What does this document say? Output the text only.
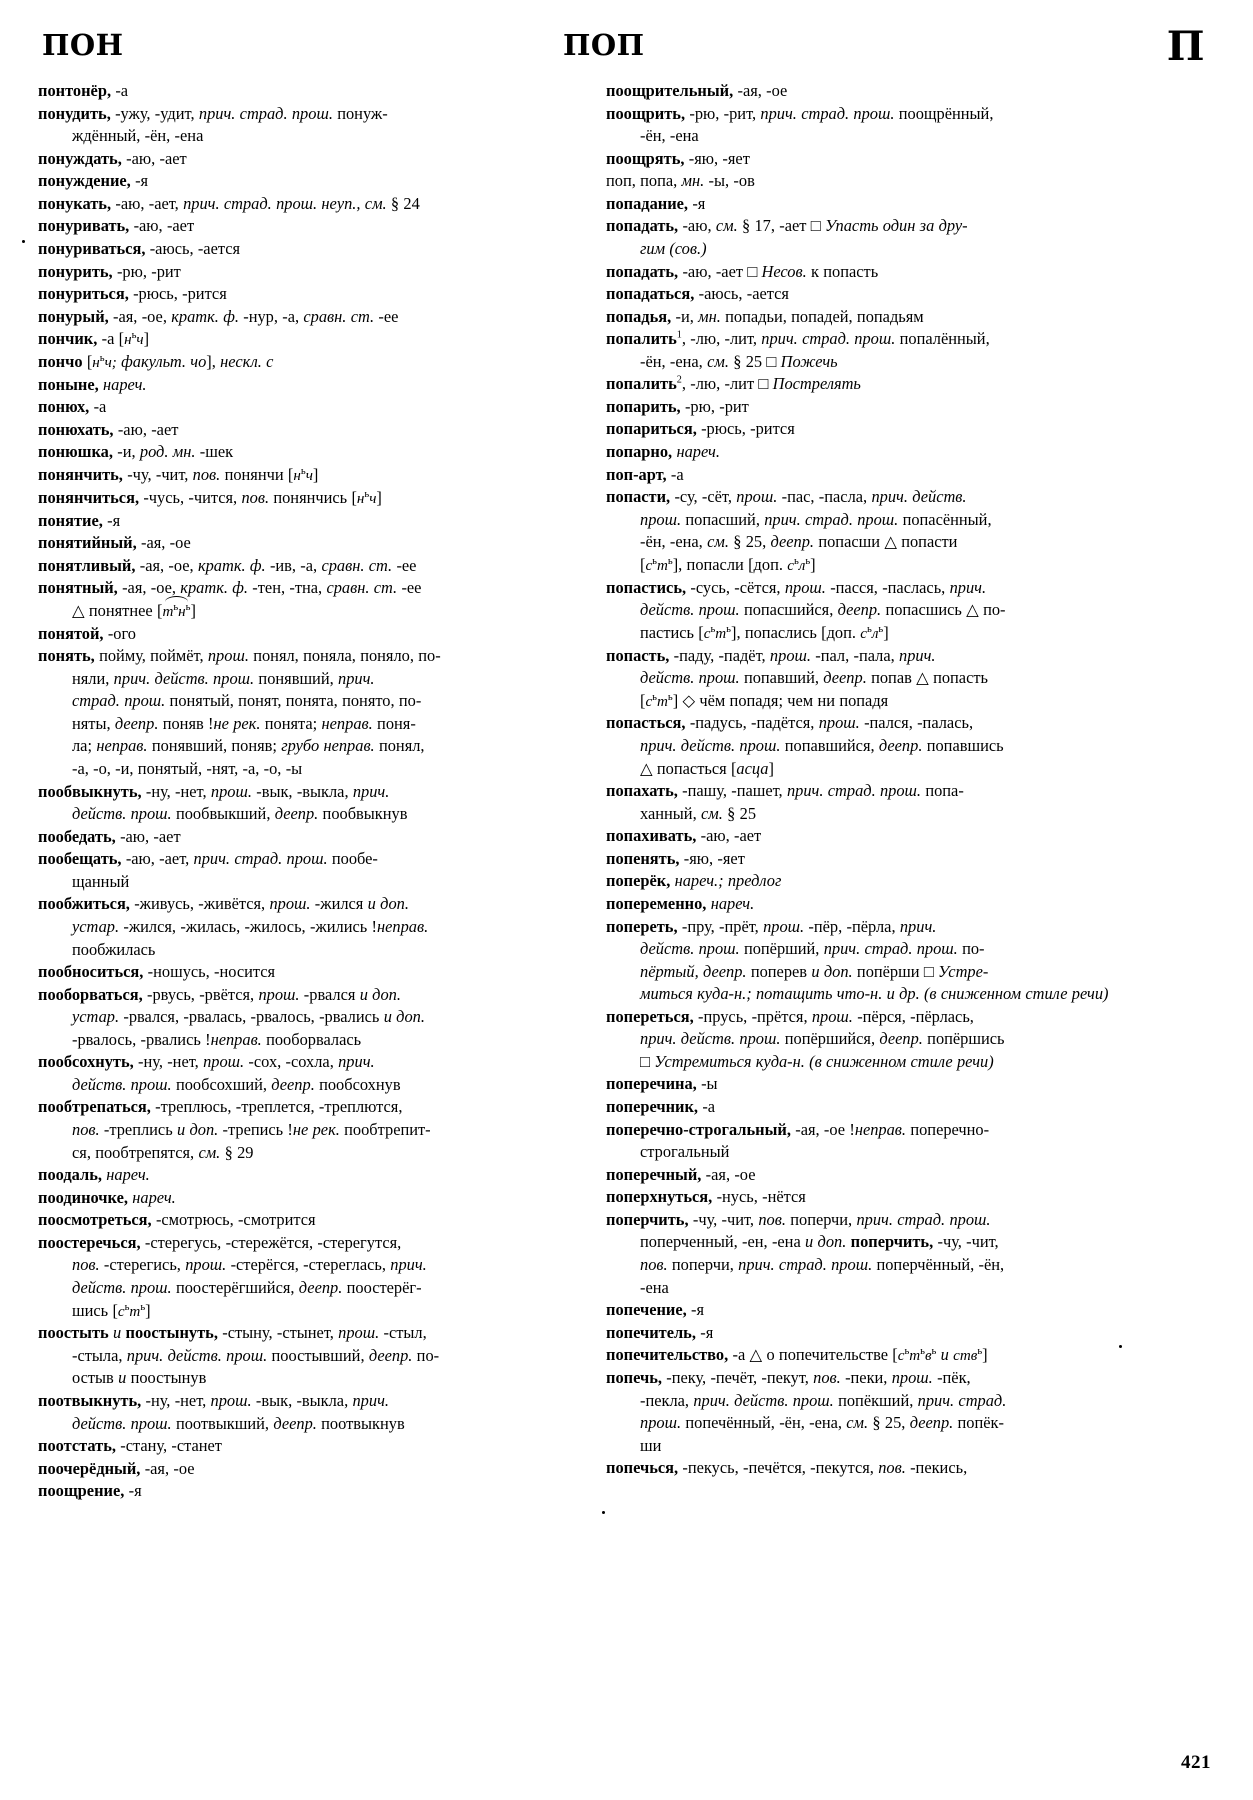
ПОН	ПОП	П

понтонёр, -а

понудить, -ужу, -удит, прич. страд. прош. понуж-

ждённый, -ён, -ена

понуждать, -аю, -ает

понуждение, -я

понукать, -аю, -ает, прич. страд. прош. неуп., см. § 24

понуривать, -аю, -ает

понуриваться, -аюсь, -ается

понурить, -рю, -рит

понуриться, -рюсь, -рится

понурый, -ая, -ое, кратк. ф. -нур, -а, сравн. ст. -ее

пончик, -а $[н^ьч]$

пончо [$н^ьч$; факульт. чо], нескл. с

поныне, нареч.

понюх, -а

понюхать, -аю, -ает

понюшка, -и, род. мн. -шек

понянчить, -чу, -чит, пов. понянчи $[н^ьч]$

понянчиться, -чусь, -чится, пов. понянчись $[н^ьч]$

понятие, -я

понятийный, -ая, -ое

понятливый, -ая, -ое, кратк. ф. -ив, -а, сравн. ст. -ее

понятный, -ая, -ое, кратк. ф. -тен, -тна, сравн. ст. -ее

△ понятнее $[т^ьн^ь]$

понятой, -ого

понять, пойму, поймёт, прош. понял, поняла, поняло, по-

няли, прич. действ. прош. понявший, прич.

страд. прош. понятый, понят, понята, понято, по-

няты, деепр. поняв !не рек. понята; неправ. поня-

ла; неправ. понявший, поняв; грубо неправ. понял,

-а, -о, -и, понятый, -нят, -а, -о, -ы

пообвыкнуть, -ну, -нет, прош. -вык, -выкла, прич.

действ. прош. пообвыкший, деепр. пообвыкнув

пообедать, -аю, -ает

пообещать, -аю, -ает, прич. страд. прош. пообе-

щанный

пообжиться, -живусь, -живётся, прош. -жился и доп.

устар. -жился, -жилась, -жилось, -жились !неправ.

пообжилась

пообноситься, -ношусь, -носится

пооборваться, -рвусь, -рвётся, прош. -рвался и доп.

устар. -рвался, -рвалась, -рвалось, -рвались и доп.

-рвалось, -рвались !неправ. пооборвалась

пообсохнуть, -ну, -нет, прош. -сох, -сохла, прич.

действ. прош. пообсохший, деепр. пообсохнув

пообтрепаться, -треплюсь, -треплется, -треплются,

пов. -треплись и доп. -трепись !не рек. пообтрепит-

ся, пообтрепятся, см. § 29

поодаль, нареч.

поодиночке, нареч.

поосмотреться, -смотрюсь, -смотрится

поостеречься, -стерегусь, -стережётся, -стерегутся,

пов. -стерегись, прош. -стерёгся, -стереглась, прич.

действ. прош. поостерёгшийся, деепр. поостерёг-

шись $[с^ьт^ь]$

поостыть и поостынуть, -стыну, -стынет, прош. -стыл,

-стыла, прич. действ. прош. поостывший, деепр. по-

остыв и поостынув

поотвыкнуть, -ну, -нет, прош. -вык, -выкла, прич.

действ. прош. поотвыкший, деепр. поотвыкнув

поотстать, -стану, -станет

поочерёдный, -ая, -ое

поощрение, -я

поощрительный, -ая, -ое

поощрить, -рю, -рит, прич. страд. прош. поощрённый,

-ён, -ена

поощрять, -яю, -яет

поп, попа, мн. -ы, -ов

попадание, -я

попадать, -аю, см. § 17, -ает □ Упасть один за дру-

гим (сов.)

попадать, -аю, -ает □ Несов. к попасть

попадаться, -аюсь, -ается

попадья, -и, мн. попадьи, попадей, попадьям

попалить$^1$, -лю, -лит, прич. страд. прош. попалённый,

-ён, -ена, см. § 25 □ Пожечь

попалить$^2$, -лю, -лит □ Пострелять

попарить, -рю, -рит

попариться, -рюсь, -рится

попарно, нареч.

поп-арт, -а

попасти, -су, -сёт, прош. -пас, -пасла, прич. действ.

прош. попасший, прич. страд. прош. попасённый,

-ён, -ена, см. § 25, деепр. попасши △ попасти

$[с^ьт^ь]$, попасли [доп. $с^ьл^ь$]

попастись, -сусь, -сётся, прош. -пасся, -паслась, прич.

действ. прош. попасшийся, деепр. попасшись △ по-

пастись $[с^ьт^ь]$, попаслись [доп. $с^ьл^ь$]

попасть, -паду, -падёт, прош. -пал, -пала, прич.

действ. прош. попавший, деепр. попав △ попасть

$[с^ьт^ь]$ ◇ чём попадя; чем ни попадя

попасться, -падусь, -падётся, прош. -пался, -палась,

прич. действ. прош. попавшийся, деепр. попавшись

△ попасться [асца]

попахать, -пашу, -пашет, прич. страд. прош. попа-

ханный, см. § 25

попахивать, -аю, -ает

попенять, -яю, -яет

поперёк, нареч.; предлог

попеременно, нареч.

попереть, -пру, -прёт, прош. -пёр, -пёрла, прич.

действ. прош. попёрший, прич. страд. прош. по-

пёртый, деепр. поперев и доп. попёрши □ Устре-

миться куда-н.; потащить что-н. и др. (в сниженном стиле речи)

попереться, -прусь, -прётся, прош. -пёрся, -пёрлась,

прич. действ. прош. попёршийся, деепр. попёршись

□ Устремиться куда-н. (в сниженном стиле речи)

поперечина, -ы

поперечник, -а

поперечно-строгальный, -ая, -ое !неправ. поперечно-

строгальный

поперечный, -ая, -ое

поперхнуться, -нусь, -нётся

поперчить, -чу, -чит, пов. поперчи, прич. страд. прош.

поперченный, -ен, -ена и доп. поперчить, -чу, -чит,

пов. поперчи, прич. страд. прош. поперчённый, -ён,

-ена

попечение, -я

попечитель, -я

попечительство, -а △ о попечительстве [$с^ьт^ьв^ь$ и ств$^ь$]

попечь, -пеку, -печёт, -пекут, пов. -пеки, прош. -пёк,

-пекла, прич. действ. прош. попёкший, прич. страд.

прош. попечённый, -ён, -ена, см. § 25, деепр. попёк-

ши

попечься, -пекусь, -печётся, -пекутся, пов. -пекись,

421
